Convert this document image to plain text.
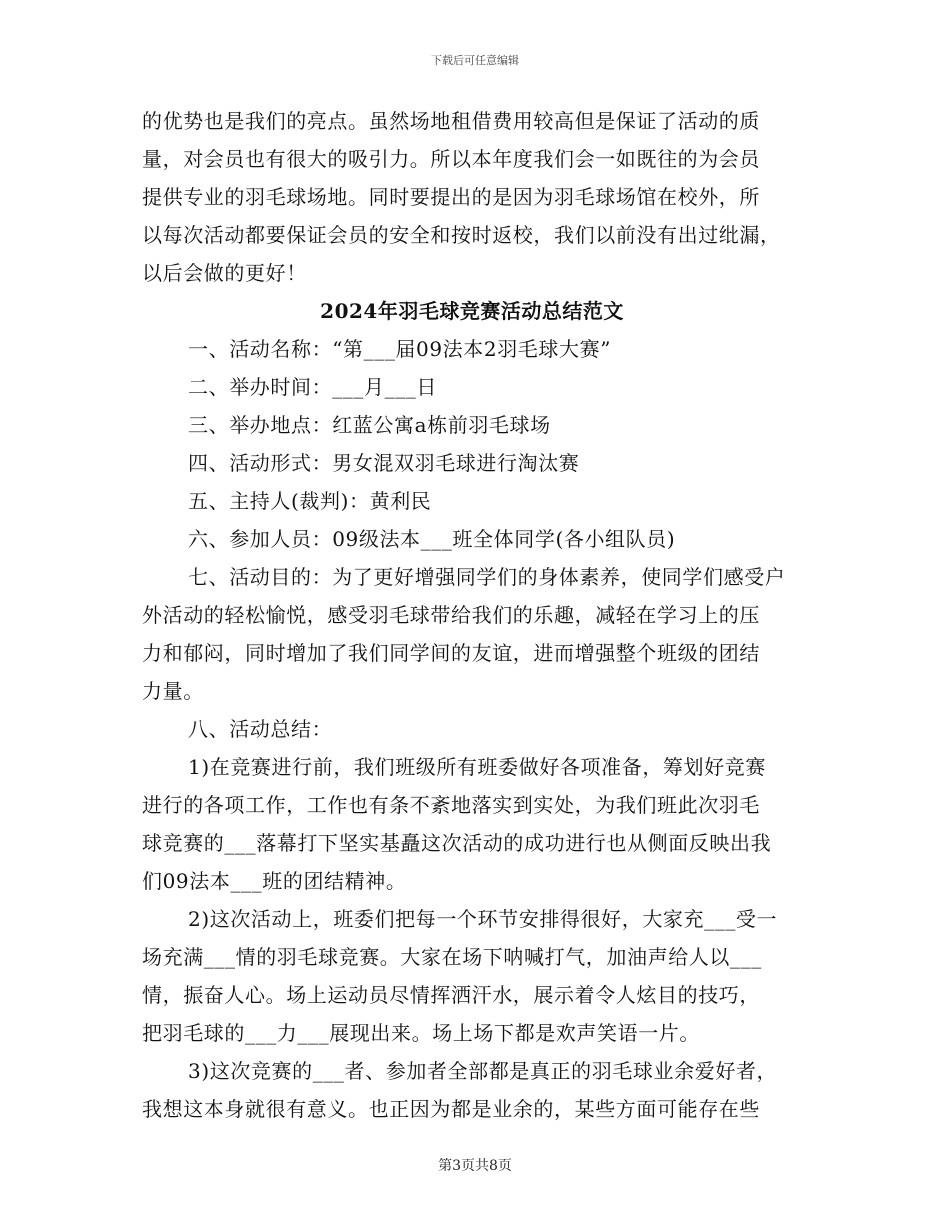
下载后可任意编辑
的优势也是我们的亮点。虽然场地租借费用较高但是保证了活动的质
量，对会员也有很大的吸引力。所以本年度我们会一如既往的为会员
提供专业的羽毛球场地。同时要提出的是因为羽毛球场馆在校外，所
以每次活动都要保证会员的安全和按时返校，我们以前没有出过纰漏，
以后会做的更好！
2024年羽毛球竞赛活动总结范文
一、活动名称：“第___届09法本2羽毛球大赛”
二、举办时间：___月___日
三、举办地点：红蓝公寓a栋前羽毛球场
四、活动形式：男女混双羽毛球进行淘汰赛
五、主持人(裁判)：黄利民
六、参加人员：09级法本___班全体同学(各小组队员)
七、活动目的：为了更好增强同学们的身体素养，使同学们感受户
外活动的轻松愉悦，感受羽毛球带给我们的乐趣，减轻在学习上的压
力和郁闷，同时增加了我们同学间的友谊，进而增强整个班级的团结
力量。
八、活动总结：
1)在竞赛进行前，我们班级所有班委做好各项准备，筹划好竞赛
进行的各项工作，工作也有条不紊地落实到实处，为我们班此次羽毛
球竞赛的___落幕打下坚实基矗这次活动的成功进行也从侧面反映出我
们09法本___班的团结精神。
2)这次活动上，班委们把每一个环节安排得很好，大家充___受一
场充满___情的羽毛球竞赛。大家在场下呐喊打气，加油声给人以___
情，振奋人心。场上运动员尽情挥洒汗水，展示着令人炫目的技巧，
把羽毛球的___力___展现出来。场上场下都是欢声笑语一片。
3)这次竞赛的___者、参加者全部都是真正的羽毛球业余爱好者，
我想这本身就很有意义。也正因为都是业余的，某些方面可能存在些
第3页共8页
